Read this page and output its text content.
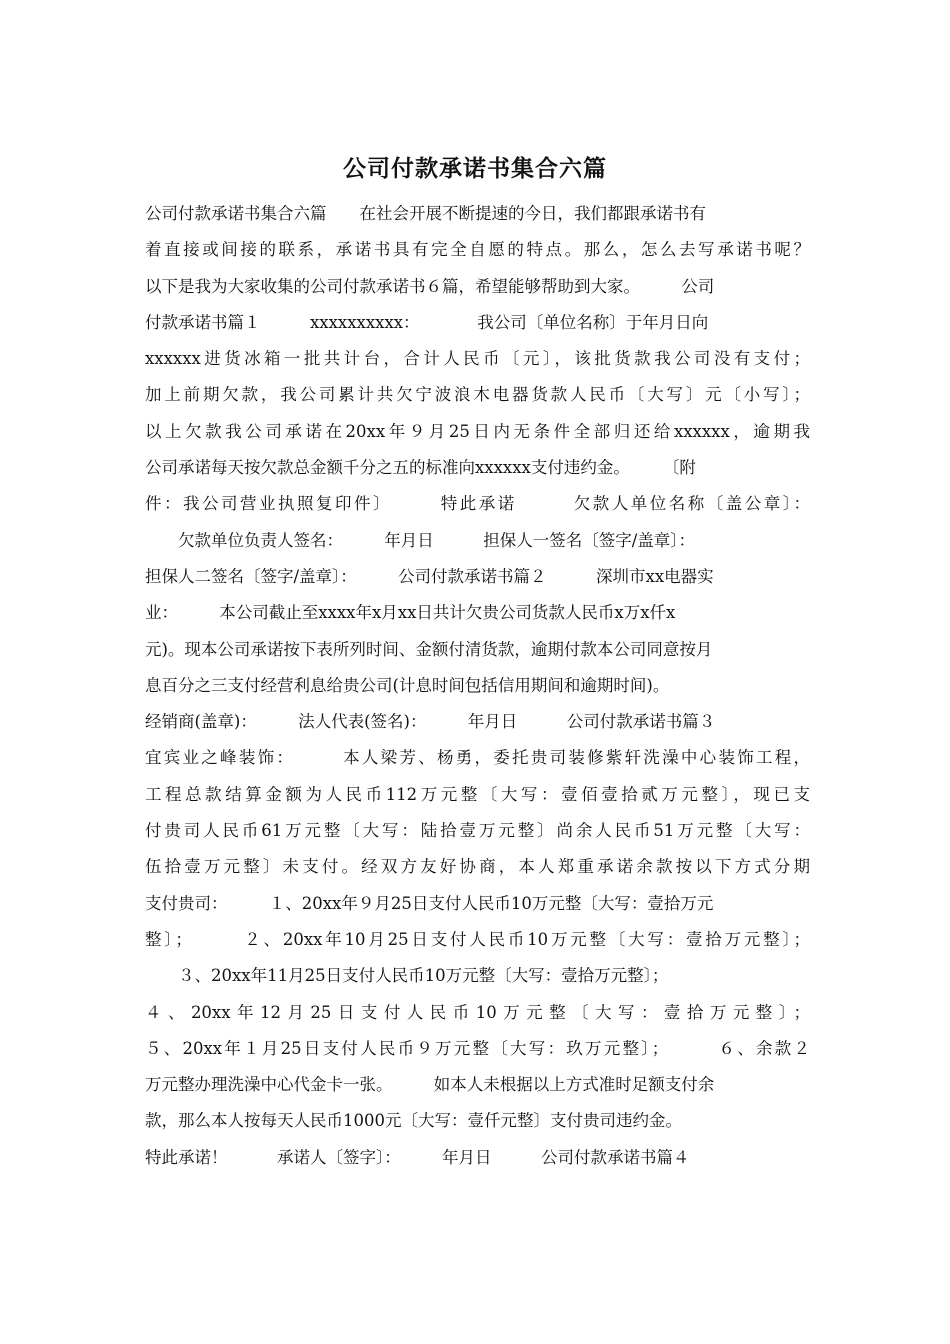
公司付款承诺书集合六篇
公司付款承诺书集合六篇　　在社会开展不断提速的今日，我们都跟承诺书有
着直接或间接的联系，承诺书具有完全自愿的特点。那么，怎么去写承诺书呢？
以下是我为大家收集的公司付款承诺书６篇，希望能够帮助到大家。　　　公司
付款承诺书篇１　　　xxxxxxxxxx：　　　　我公司〔单位名称〕于年月日向
xxxxxx进货冰箱一批共计台，合计人民币〔元〕，该批货款我公司没有支付；
加上前期欠款，我公司累计共欠宁波浪木电器货款人民币〔大写〕元〔小写〕；
以上欠款我公司承诺在20xx年９月25日内无条件全部归还给xxxxxx，逾期我
公司承诺每天按欠款总金额千分之五的标准向xxxxxx支付违约金。　　　〔附
件：我公司营业执照复印件〕　　　特此承诺　　　欠款人单位名称〔盖公章〕：
　　欠款单位负责人签名：　　　年月日　　　担保人一签名〔签字/盖章〕：
担保人二签名〔签字/盖章〕：　　　公司付款承诺书篇２　　　深圳市xx电器实
业：　　　本公司截止至xxxx年x月xx日共计欠贵公司货款人民币x万x仟x
元)。现本公司承诺按下表所列时间、金额付清货款，逾期付款本公司同意按月
息百分之三支付经营利息给贵公司(计息时间包括信用期间和逾期时间)。
经销商(盖章)：　　　法人代表(签名)：　　　年月日　　　公司付款承诺书篇３
宜宾业之峰装饰：　　　本人梁芳、杨勇，委托贵司装修紫轩洗澡中心装饰工程，
工程总款结算金额为人民币112万元整〔大写：壹佰壹拾贰万元整〕，现已支
付贵司人民币61万元整〔大写：陆拾壹万元整〕尚余人民币51万元整〔大写：
伍拾壹万元整〕未支付。经双方友好协商，本人郑重承诺余款按以下方式分期
支付贵司：　　　１、20xx年９月25日支付人民币10万元整〔大写：壹拾万元
整〕；　　　２、20xx年10月25日支付人民币10万元整〔大写：壹拾万元整〕；
　　３、20xx年11月25日支付人民币10万元整〔大写：壹拾万元整〕；
４、20xx年12月25日支付人民币10万元整〔大写：壹拾万元整〕；
５、20xx年１月25日支付人民币９万元整〔大写：玖万元整〕；　　　６、余款２
万元整办理洗澡中心代金卡一张。　　　如本人未根据以上方式准时足额支付余
款，那么本人按每天人民币1000元〔大写：壹仟元整〕支付贵司违约金。
特此承诺！　　　承诺人〔签字〕：　　　年月日　　　公司付款承诺书篇４
